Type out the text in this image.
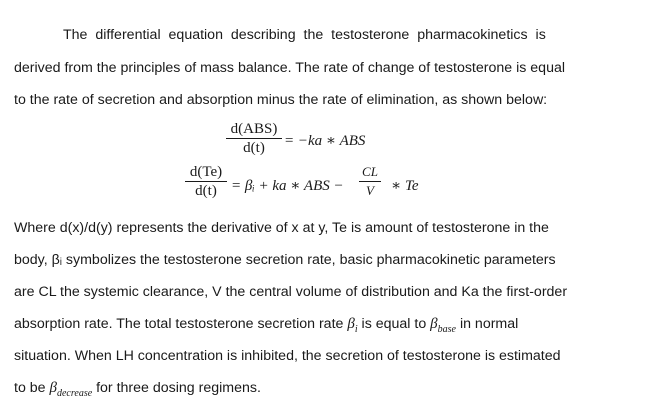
The differential equation describing the testosterone pharmacokinetics is
derived from the principles of mass balance. The rate of change of testosterone is equal
to the rate of secretion and absorption minus the rate of elimination, as shown below:
d(ABS)
d(t)	= −ka ∗ ABS
$\frac{d(Te)}{d(t)}$ = βᵢ + ka ∗ ABS − $\frac{CL}{V}$ ∗ Te
Where d(x)/d(y) represents the derivative of x at y, Te is amount of testosterone in the
body, βᵢ symbolizes the testosterone secretion rate, basic pharmacokinetic parameters
are CL the systemic clearance, V the central volume of distribution and Ka the first-order
absorption rate. The total testosterone secretion rate $\beta_i$ is equal to $\beta_{base}$ in normal
situation. When LH concentration is inhibited, the secretion of testosterone is estimated
to be $\beta_{decrease}$ for three dosing regimens.
